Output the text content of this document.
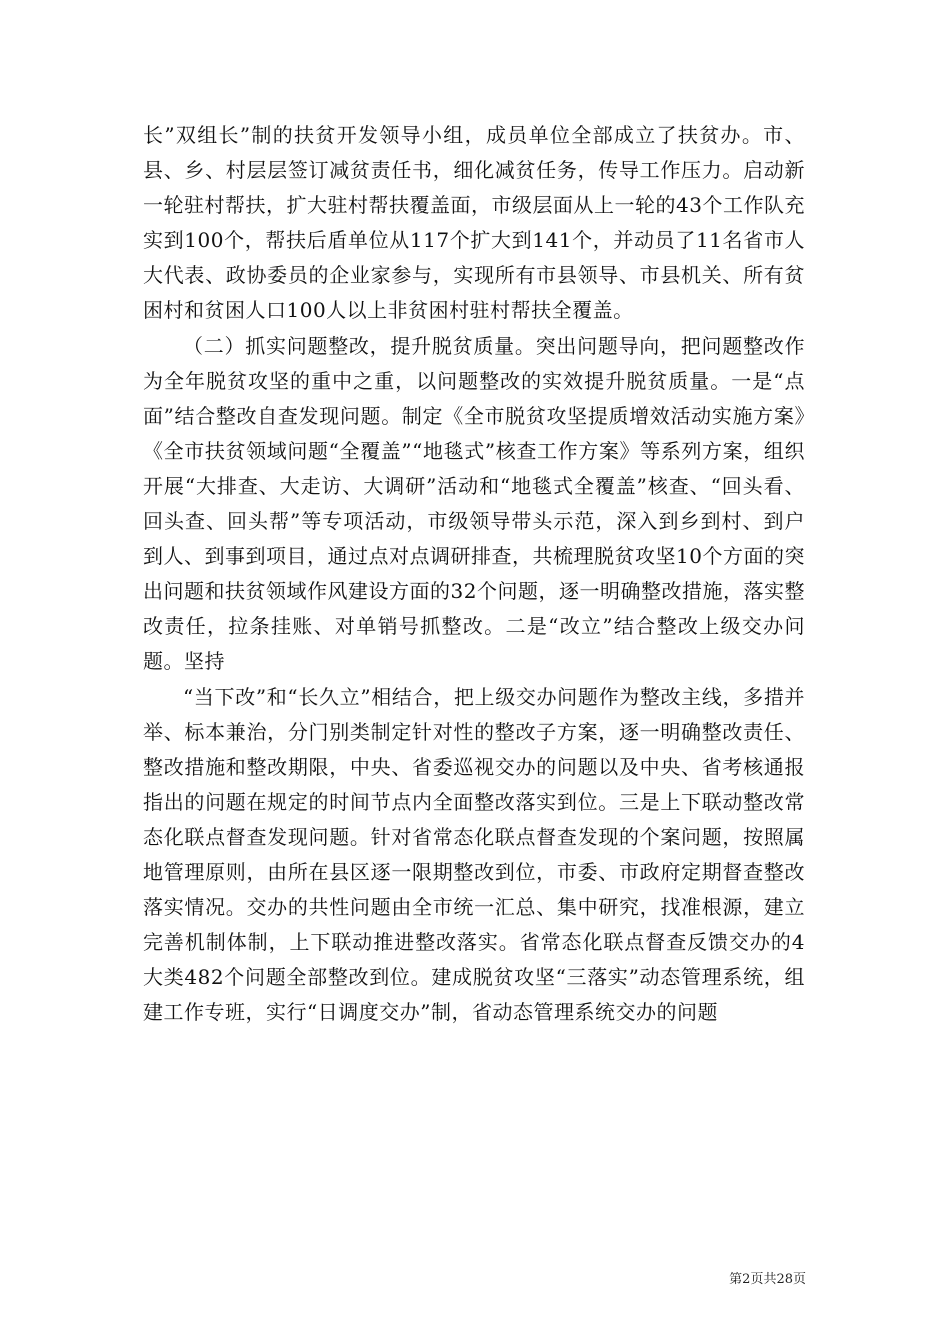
长”双组长”制的扶贫开发领导小组，成员单位全部成立了扶贫办。市、县、乡、村层层签订减贫责任书，细化减贫任务，传导工作压力。启动新一轮驻村帮扶，扩大驻村帮扶覆盖面，市级层面从上一轮的43个工作队充实到100个，帮扶后盾单位从117个扩大到141个，并动员了11名省市人大代表、政协委员的企业家参与，实现所有市县领导、市县机关、所有贫困村和贫困人口100人以上非贫困村驻村帮扶全覆盖。

（二）抓实问题整改，提升脱贫质量。突出问题导向，把问题整改作为全年脱贫攻坚的重中之重，以问题整改的实效提升脱贫质量。一是“点面”结合整改自查发现问题。制定《全市脱贫攻坚提质增效活动实施方案》《全市扶贫领域问题“全覆盖”“地毯式”核查工作方案》等系列方案，组织开展“大排查、大走访、大调研”活动和“地毯式全覆盖”核查、“回头看、回头查、回头帮”等专项活动，市级领导带头示范，深入到乡到村、到户到人、到事到项目，通过点对点调研排查，共梳理脱贫攻坚10个方面的突出问题和扶贫领域作风建设方面的32个问题，逐一明确整改措施，落实整改责任，拉条挂账、对单销号抓整改。二是“改立”结合整改上级交办问题。坚持

“当下改”和“长久立”相结合，把上级交办问题作为整改主线，多措并举、标本兼治，分门别类制定针对性的整改子方案，逐一明确整改责任、整改措施和整改期限，中央、省委巡视交办的问题以及中央、省考核通报指出的问题在规定的时间节点内全面整改落实到位。三是上下联动整改常态化联点督查发现问题。针对省常态化联点督查发现的个案问题，按照属地管理原则，由所在县区逐一限期整改到位，市委、市政府定期督查整改落实情况。交办的共性问题由全市统一汇总、集中研究，找准根源，建立完善机制体制，上下联动推进整改落实。省常态化联点督查反馈交办的4大类482个问题全部整改到位。建成脱贫攻坚“三落实”动态管理系统，组建工作专班，实行“日调度交办”制，省动态管理系统交办的问题

第2页共28页
